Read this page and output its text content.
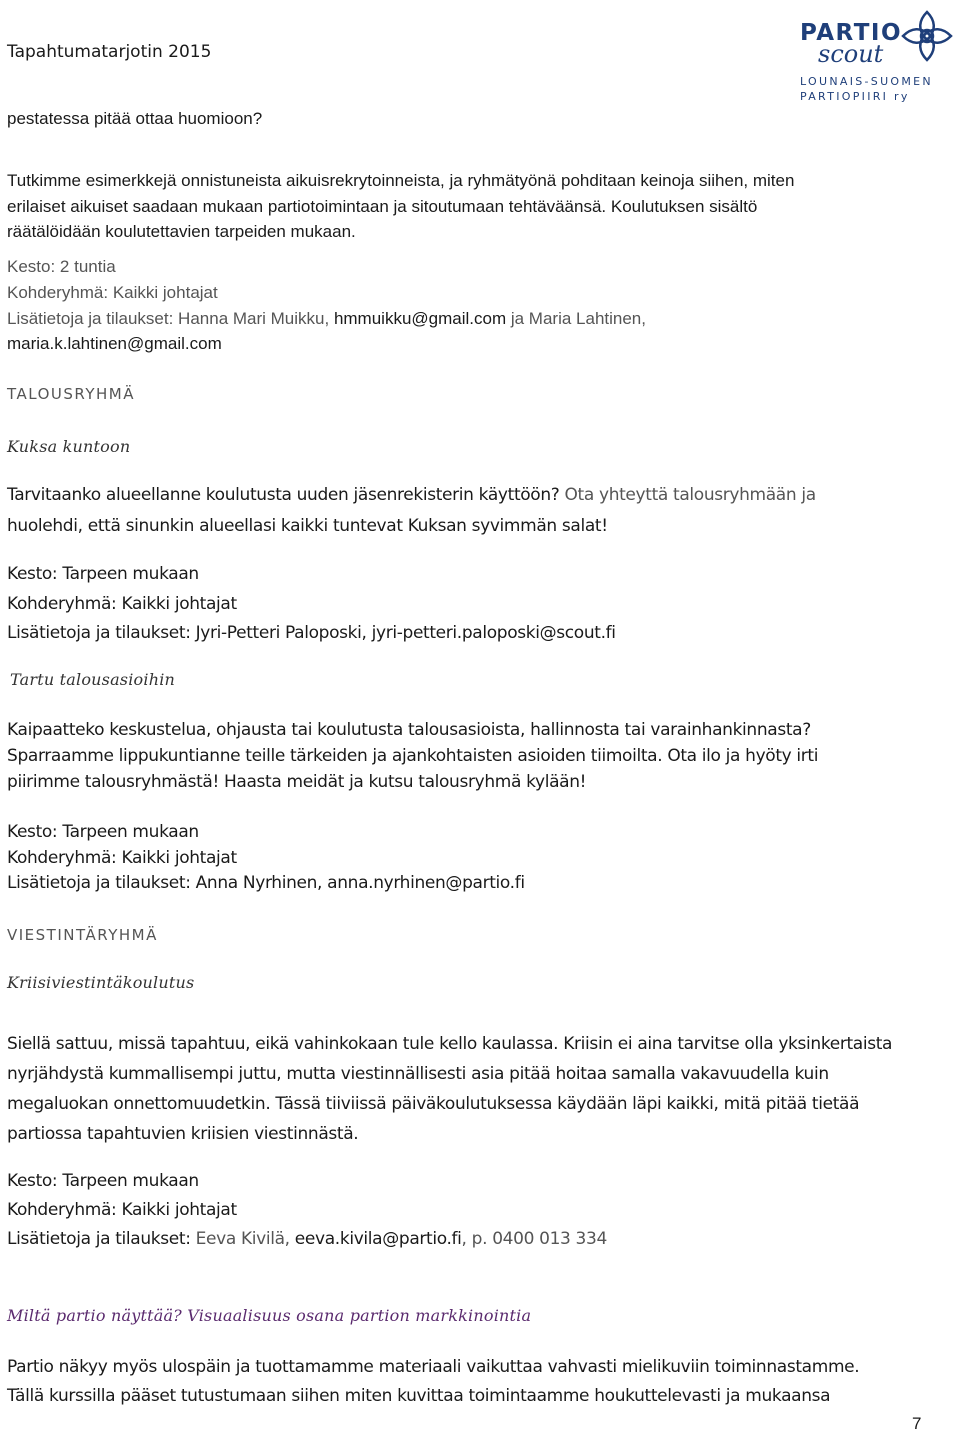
Tapahtumatarjotin 2015
PARTIO
scout
LOUNAIS-SUOMEN
PARTIOPIIRI ry
pestatessa pitää ottaa huomioon?
Tutkimme esimerkkejä onnistuneista aikuisrekrytoinneista, ja ryhmätyönä pohditaan keinoja siihen, miten
erilaiset aikuiset saadaan mukaan partiotoimintaan ja sitoutumaan tehtäväänsä. Koulutuksen sisältö
räätälöidään koulutettavien tarpeiden mukaan.
Kesto: 2 tuntia
Kohderyhmä: Kaikki johtajat
Lisätietoja ja tilaukset: Hanna Mari Muikku, hmmuikku@gmail.com ja Maria Lahtinen,
maria.k.lahtinen@gmail.com
TALOUSRYHMÄ
Kuksa kuntoon
Tarvitaanko alueellanne koulutusta uuden jäsenrekisterin käyttöön? Ota yhteyttä talousryhmään ja
huolehdi, että sinunkin alueellasi kaikki tuntevat Kuksan syvimmän salat!
Kesto: Tarpeen mukaan
Kohderyhmä: Kaikki johtajat
Lisätietoja ja tilaukset: Jyri-Petteri Paloposki, jyri-petteri.paloposki@scout.fi
Tartu talousasioihin
Kaipaatteko keskustelua, ohjausta tai koulutusta talousasioista, hallinnosta tai varainhankinnasta?
Sparraamme lippukuntianne teille tärkeiden ja ajankohtaisten asioiden tiimoilta. Ota ilo ja hyöty irti
piirimme talousryhmästä! Haasta meidät ja kutsu talousryhmä kylään!
Kesto: Tarpeen mukaan
Kohderyhmä: Kaikki johtajat
Lisätietoja ja tilaukset: Anna Nyrhinen, anna.nyrhinen@partio.fi
VIESTINTÄRYHMÄ
Kriisiviestintäkoulutus
Siellä sattuu, missä tapahtuu, eikä vahinkokaan tule kello kaulassa. Kriisin ei aina tarvitse olla yksinkertaista
nyrjähdystä kummallisempi juttu, mutta viestinnällisesti asia pitää hoitaa samalla vakavuudella kuin
megaluokan onnettomuudetkin. Tässä tiiviissä päiväkoulutuksessa käydään läpi kaikki, mitä pitää tietää
partiossa tapahtuvien kriisien viestinnästä.
Kesto: Tarpeen mukaan
Kohderyhmä: Kaikki johtajat
Lisätietoja ja tilaukset: Eeva Kivilä, eeva.kivila@partio.fi, p. 0400 013 334
Miltä partio näyttää? Visuaalisuus osana partion markkinointia
Partio näkyy myös ulospäin ja tuottamamme materiaali vaikuttaa vahvasti mielikuviin toiminnastamme.
Tällä kurssilla pääset tutustumaan siihen miten kuvittaa toimintaamme houkuttelevasti ja mukaansa
7
